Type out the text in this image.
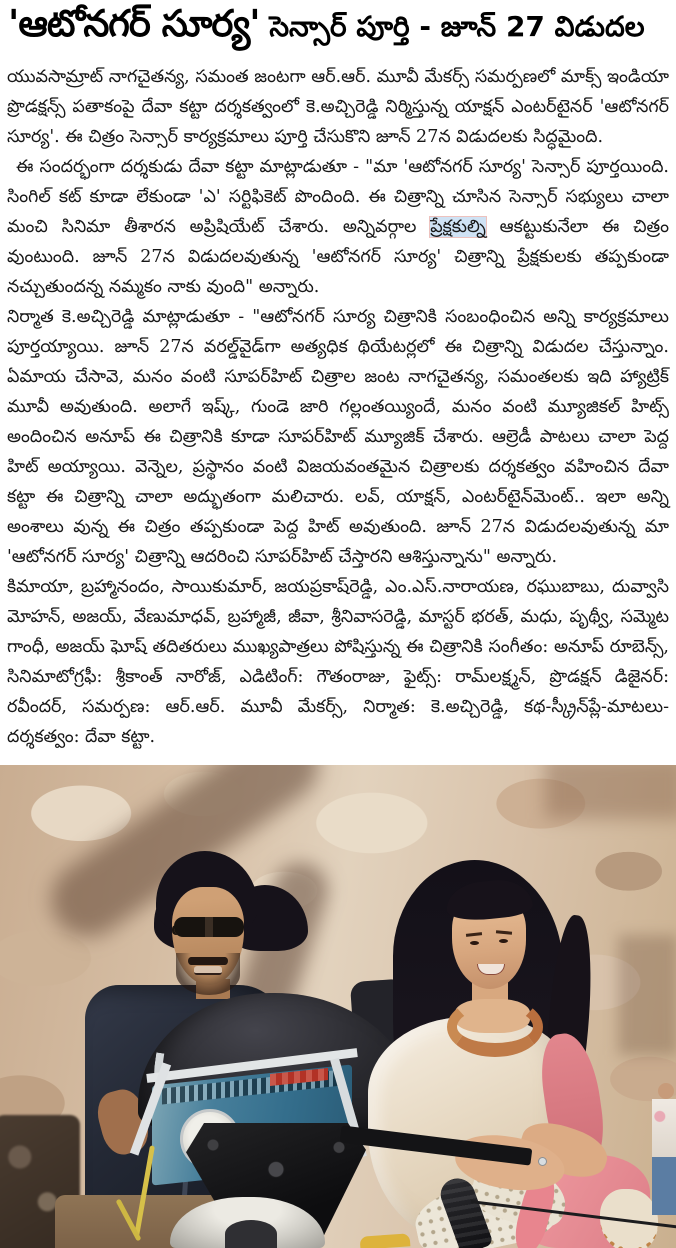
'ఆటోనగర్ సూర్య' సెన్సార్ పూర్తి - జూన్ 27 విడుదల

యువసామ్రాట్ నాగచైతన్య, సమంత జంటగా ఆర్.ఆర్. మూవీ మేకర్స్ సమర్పణలో మాక్స్ ఇండియా ప్రొడక్షన్స్ పతాకంపై దేవా కట్టా దర్శకత్వంలో కె.అచ్చిరెడ్డి నిర్మిస్తున్న యాక్షన్ ఎంటర్‌టైనర్ 'ఆటోనగర్ సూర్య'. ఈ చిత్రం సెన్సార్ కార్యక్రమాలు పూర్తి చేసుకొని జూన్ 27న విడుదలకు సిద్ధమైంది.

ఈ సందర్భంగా దర్శకుడు దేవా కట్టా మాట్లాడుతూ - "మా 'ఆటోనగర్ సూర్య' సెన్సార్ పూర్తయింది. సింగిల్ కట్ కూడా లేకుండా 'ఎ' సర్టిఫికెట్ పొందింది. ఈ చిత్రాన్ని చూసిన సెన్సార్ సభ్యులు చాలా మంచి సినిమా తీశారన అప్రిషియేట్ చేశారు. అన్నివర్గాల ప్రేక్షకుల్ని ఆకట్టుకునేలా ఈ చిత్రం వుంటుంది. జూన్ 27న విడుదలవుతున్న 'ఆటోనగర్ సూర్య' చిత్రాన్ని ప్రేక్షకులకు తప్పకుండా నచ్చుతుందన్న నమ్మకం నాకు వుంది" అన్నారు.

నిర్మాత కె.అచ్చిరెడ్డి మాట్లాడుతూ - "ఆటోనగర్ సూర్య చిత్రానికి సంబంధించిన అన్ని కార్యక్రమాలు పూర్తయ్యాయి. జూన్ 27న వరల్డ్‌వైడ్‌గా అత్యధిక థియేటర్లలో ఈ చిత్రాన్ని విడుదల చేస్తున్నాం. ఏమాయ చేసావె, మనం వంటి సూపర్‌హిట్ చిత్రాల జంట నాగచైతన్య, సమంతలకు ఇది హ్యాట్రిక్ మూవీ అవుతుంది. అలాగే ఇష్క్, గుండె జారి గల్లంతయ్యిందే, మనం వంటి మ్యూజికల్ హిట్స్ అందించిన అనూప్ ఈ చిత్రానికి కూడా సూపర్‌హిట్ మ్యూజిక్ చేశారు. ఆల్రెడీ పాటలు చాలా పెద్ద హిట్ అయ్యాయి. వెన్నెల, ప్రస్థానం వంటి విజయవంతమైన చిత్రాలకు దర్శకత్వం వహించిన దేవా కట్టా ఈ చిత్రాన్ని చాలా అద్భుతంగా మలిచారు. లవ్, యాక్షన్, ఎంటర్‌టైన్‌మెంట్.. ఇలా అన్ని అంశాలు వున్న ఈ చిత్రం తప్పకుండా పెద్ద హిట్ అవుతుంది. జూన్ 27న విడుదలవుతున్న మా 'ఆటోనగర్ సూర్య' చిత్రాన్ని ఆదరించి సూపర్‌హిట్ చేస్తారని ఆశిస్తున్నాను" అన్నారు.

కిమాయా, బ్రహ్మానందం, సాయికుమార్, జయప్రకాష్‌రెడ్డి, ఎం.ఎస్.నారాయణ, రఘుబాబు, దువ్వాసి మోహన్, అజయ్, వేణుమాధవ్, బ్రహ్మాజీ, జీవా, శ్రీనివాసరెడ్డి, మాస్టర్ భరత్, మధు, పృథ్వీ, సమ్మెట గాంధీ, అజయ్ ఘోష్ తదితరులు ముఖ్యపాత్రలు పోషిస్తున్న ఈ చిత్రానికి సంగీతం: అనూప్ రూబెన్స్, సినిమాటోగ్రఫీ: శ్రీకాంత్ నారోజ్, ఎడిటింగ్: గౌతంరాజు, ఫైట్స్: రామ్‌లక్ష్మన్, ప్రొడక్షన్ డిజైనర్: రవీందర్, సమర్పణ: ఆర్.ఆర్. మూవీ మేకర్స్, నిర్మాత: కె.అచ్చిరెడ్డి, కథ-స్క్రీన్‌ప్లే-మాటలు-దర్శకత్వం: దేవా కట్టా.
